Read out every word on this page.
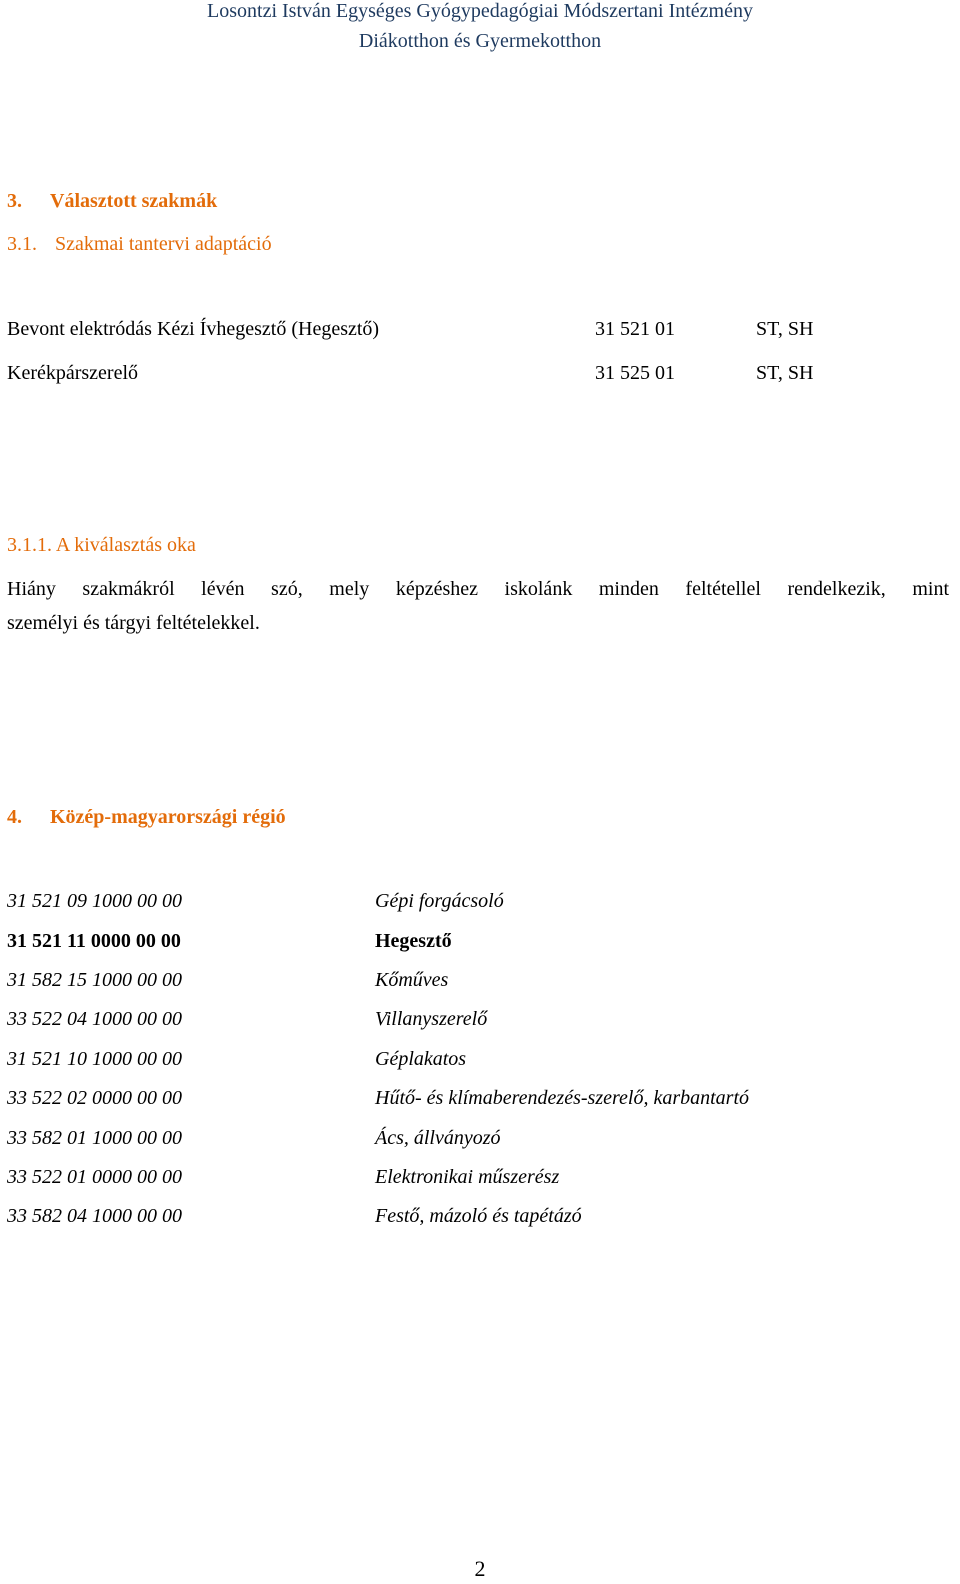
Losontzi István Egységes Gyógypedagógiai Módszertani Intézmény
Diákotthon és Gyermekotthon
3. Választott szakmák
3.1. Szakmai tantervi adaptáció
Bevont elektródás Kézi Ívhegesztő (Hegesztő)	31 521 01	ST, SH
Kerékpárszerelő	31 525 01	ST, SH
3.1.1. A kiválasztás oka
Hiány szakmákról lévén szó, mely képzéshez iskolánk minden feltétellel rendelkezik, mint
személyi és tárgyi feltételekkel.
4. Közép-magyarországi régió
31 521 09 1000 00 00	Gépi forgácsoló
31 521 11 0000 00 00	Hegesztő
31 582 15 1000 00 00	Kőműves
33 522 04 1000 00 00	Villanyszerelő
31 521 10 1000 00 00	Géplakatos
33 522 02 0000 00 00	Hűtő- és klímaberendezés-szerelő, karbantartó
33 582 01 1000 00 00	Ács, állványozó
33 522 01 0000 00 00	Elektronikai műszerész
33 582 04 1000 00 00	Festő, mázoló és tapétázó
2
